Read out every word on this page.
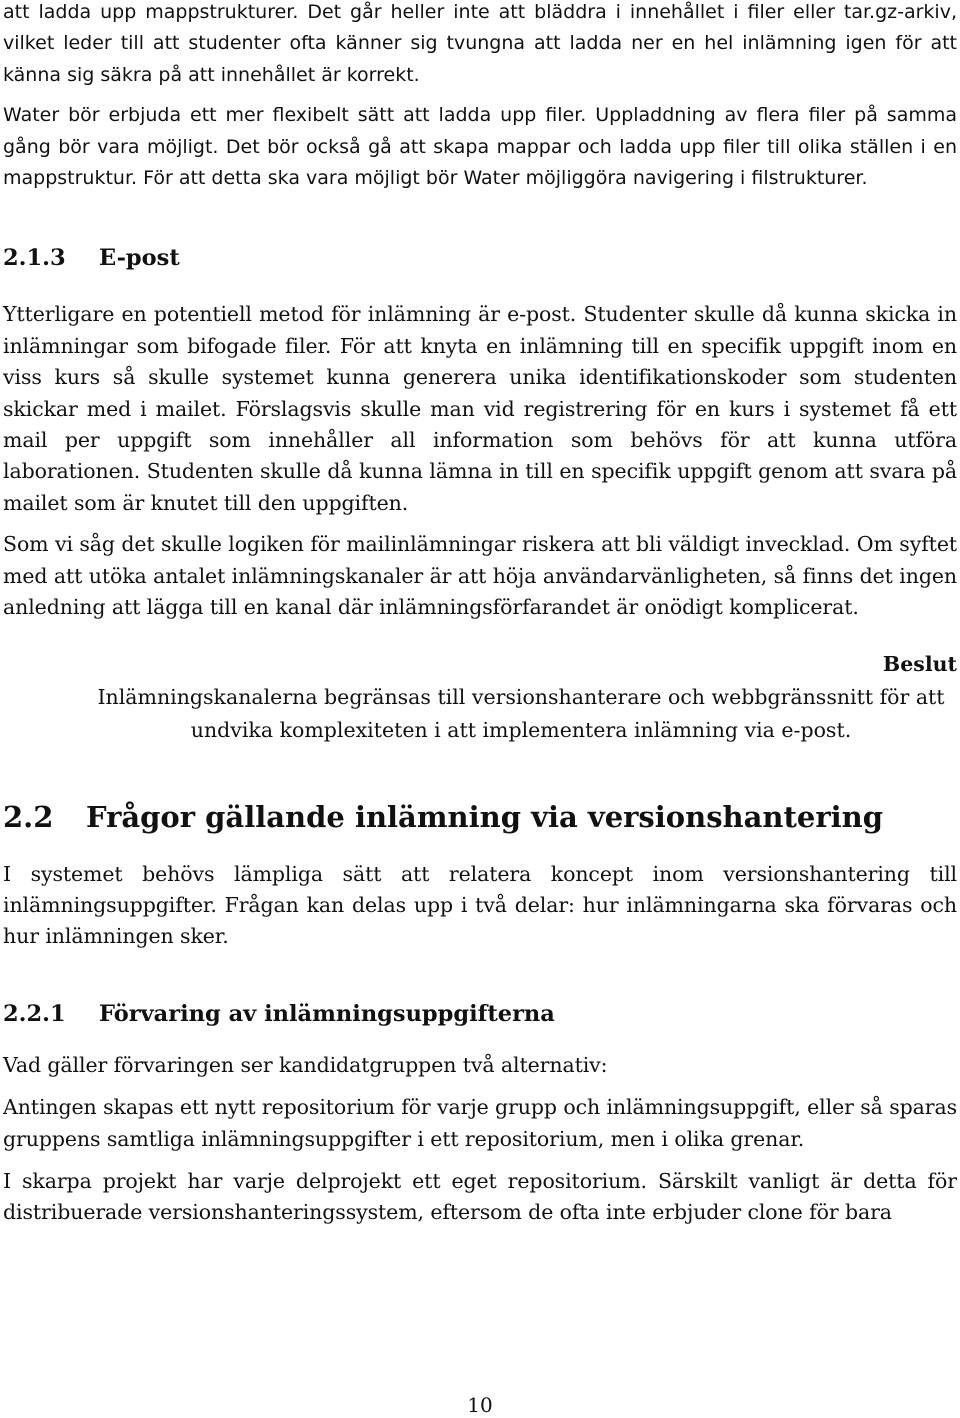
att ladda upp mappstrukturer. Det går heller inte att bläddra i innehållet i filer eller tar.gz-arkiv, vilket leder till att studenter ofta känner sig tvungna att ladda ner en hel inlämning igen för att känna sig säkra på att innehållet är korrekt.

Water bör erbjuda ett mer flexibelt sätt att ladda upp filer. Uppladdning av flera filer på samma gång bör vara möjligt. Det bör också gå att skapa mappar och ladda upp filer till olika ställen i en mappstruktur. För att detta ska vara möjligt bör Water möjliggöra navigering i filstrukturer.

2.1.3 E-post

Ytterligare en potentiell metod för inlämning är e-post. Studenter skulle då kunna skicka in inlämningar som bifogade filer. För att knyta en inlämning till en specifik uppgift inom en viss kurs så skulle systemet kunna generera unika identifikationskoder som studenten skickar med i mailet. Förslagsvis skulle man vid registrering för en kurs i systemet få ett mail per uppgift som innehåller all information som behövs för att kunna utföra laborationen. Studenten skulle då kunna lämna in till en specifik uppgift genom att svara på mailet som är knutet till den uppgiften.

Som vi såg det skulle logiken för mailinlämningar riskera att bli väldigt invecklad. Om syftet med att utöka antalet inlämningskanaler är att höja användarvänligheten, så finns det ingen anledning att lägga till en kanal där inlämningsförfarandet är onödigt komplicerat.

Beslut

Inlämningskanalerna begränsas till versionshanterare och webbgränssnitt för att undvika komplexiteten i att implementera inlämning via e-post.

2.2 Frågor gällande inlämning via versionshantering

I systemet behövs lämpliga sätt att relatera koncept inom versionshantering till inlämningsuppgifter. Frågan kan delas upp i två delar: hur inlämningarna ska förvaras och hur inlämningen sker.

2.2.1 Förvaring av inlämningsuppgifterna

Vad gäller förvaringen ser kandidatgruppen två alternativ:

Antingen skapas ett nytt repositorium för varje grupp och inlämningsuppgift, eller så sparas gruppens samtliga inlämningsuppgifter i ett repositorium, men i olika grenar.

I skarpa projekt har varje delprojekt ett eget repositorium. Särskilt vanligt är detta för distribuerade versionshanteringssystem, eftersom de ofta inte erbjuder clone för bara

10
